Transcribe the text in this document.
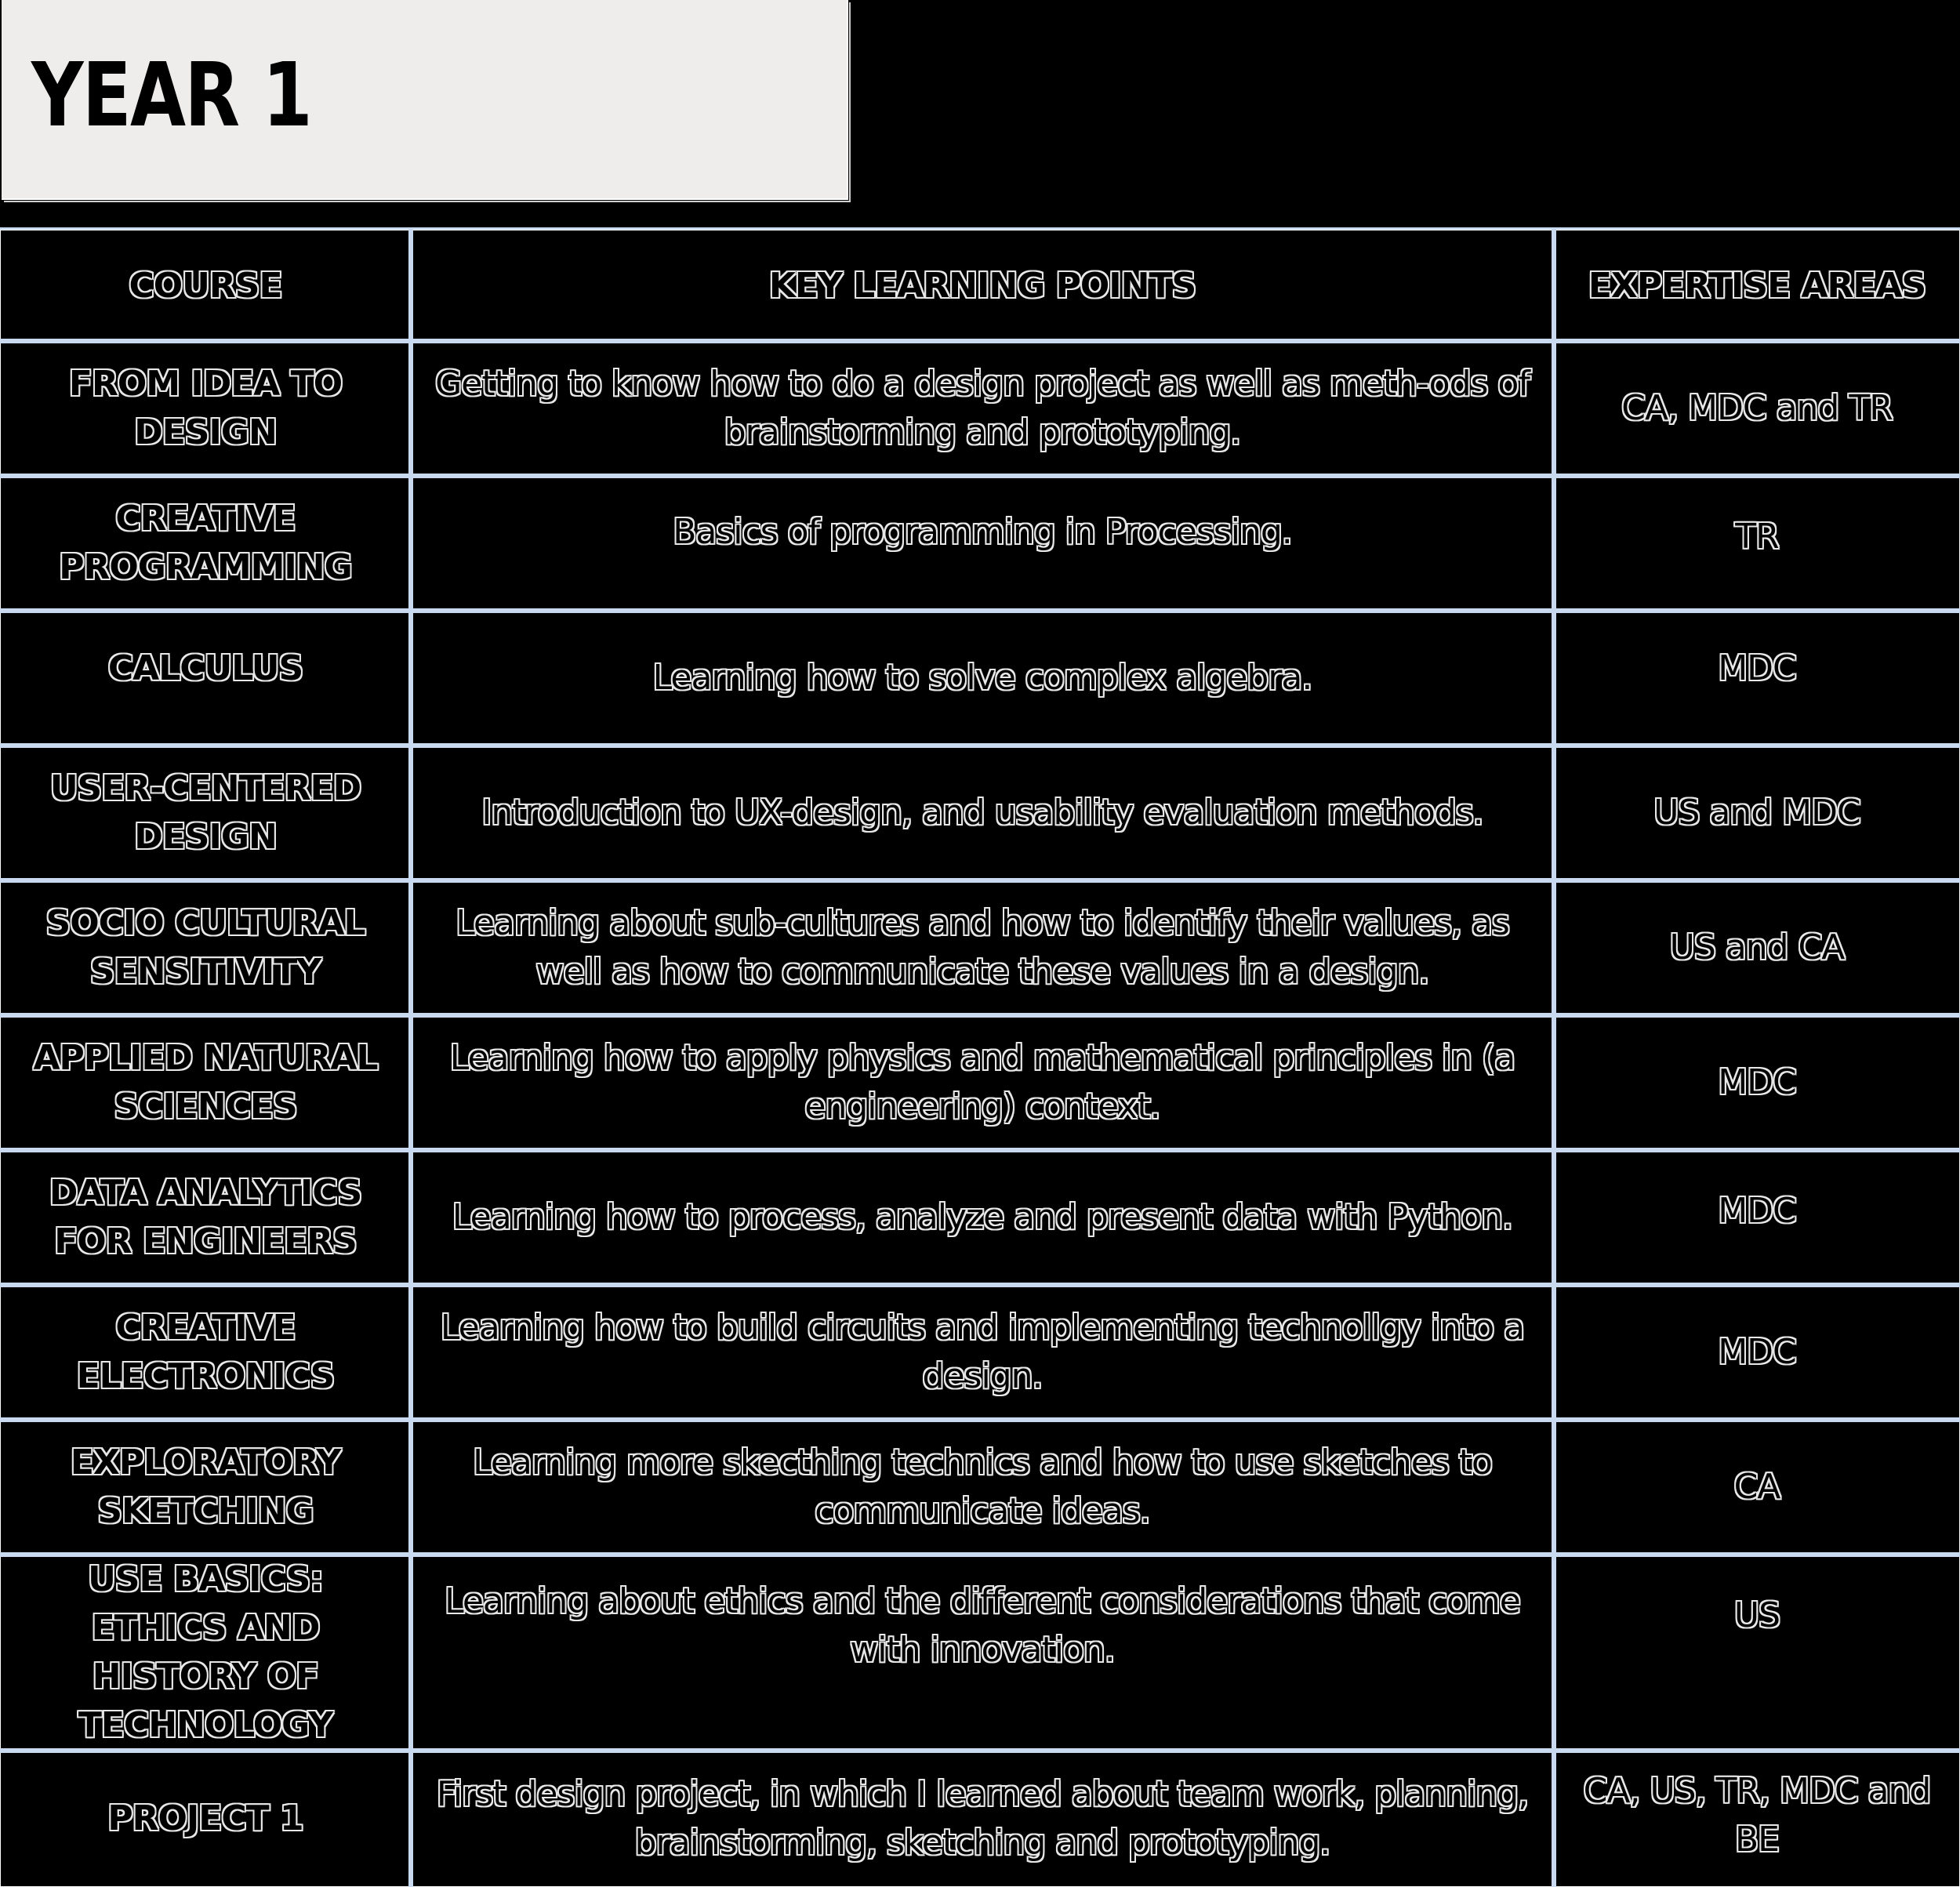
YEAR 1
COURSE	KEY LEARNING POINTS	EXPERTISE AREAS
FROM IDEA TO DESIGN	Getting to know how to do a design project as well as meth-ods of brainstorming and prototyping.	CA, MDC and TR
CREATIVE PROGRAMMING	Basics of programming in Processing.	TR
CALCULUS	Learning how to solve complex algebra.	MDC
USER-CENTERED DESIGN	Introduction to UX-design, and usability evaluation methods.	US and MDC
SOCIO CULTURAL SENSITIVITY	Learning about sub-cultures and how to identify their values, as well as how to communicate these values in a design.	US and CA
APPLIED NATURAL SCIENCES	Learning how to apply physics and mathematical principles in (a engineering) context.	MDC
DATA ANALYTICS FOR ENGINEERS	Learning how to process, analyze and present data with Python.	MDC
CREATIVE ELECTRONICS	Learning how to build circuits and implementing technollgy into a design.	MDC
EXPLORATORY SKETCHING	Learning more skecthing technics and how to use sketches to communicate ideas.	CA
USE BASICS: ETHICS AND HISTORY OF TECHNOLOGY	Learning about ethics and the different considerations that come with innovation.	US
PROJECT 1	First design project, in which I learned about team work, planning, brainstorming, sketching and prototyping.	CA, US, TR, MDC and BE
